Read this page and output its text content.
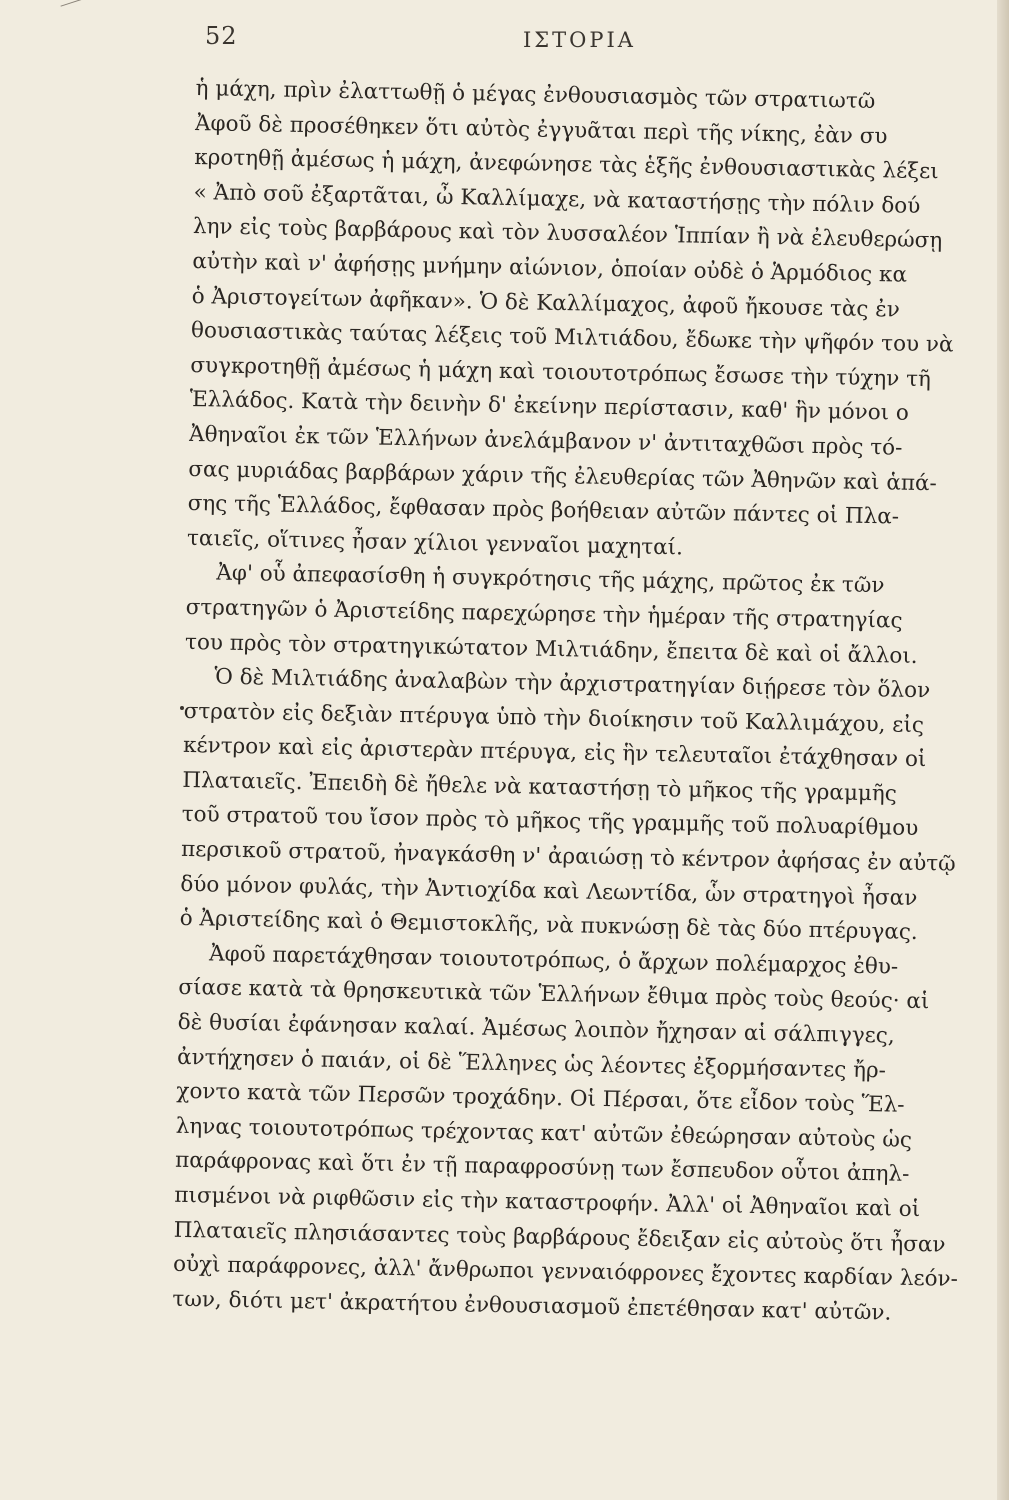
52	ΙΣΤΟΡΙΑ
ἡ μάχη, πρὶν ἐλαττωθῇ ὁ μέγας ἐνθουσιασμὸς τῶν στρατιωτῶ
Ἀφοῦ δὲ προσέθηκεν ὅτι αὐτὸς ἐγγυᾶται περὶ τῆς νίκης, ἐὰν συ
κροτηθῇ ἀμέσως ἡ μάχη, ἀνεφώνησε τὰς ἑξῆς ἐνθουσιαστικὰς λέξει
« Ἀπὸ σοῦ ἐξαρτᾶται, ὦ Καλλίμαχε, νὰ καταστήσῃς τὴν πόλιν δού
λην εἰς τοὺς βαρβάρους καὶ τὸν λυσσαλέον Ἱππίαν ἢ νὰ ἐλευθερώσῃ
αὐτὴν καὶ ν' ἀφήσῃς μνήμην αἰώνιον, ὁποίαν οὐδὲ ὁ Ἁρμόδιος κα
ὁ Ἀριστογείτων ἀφῆκαν». Ὁ δὲ Καλλίμαχος, ἀφοῦ ἤκουσε τὰς ἐν
θουσιαστικὰς ταύτας λέξεις τοῦ Μιλτιάδου, ἔδωκε τὴν ψῆφόν του νὰ
συγκροτηθῇ ἀμέσως ἡ μάχη καὶ τοιουτοτρόπως ἔσωσε τὴν τύχην τῆ
Ἑλλάδος. Κατὰ τὴν δεινὴν δ' ἐκείνην περίστασιν, καθ' ἣν μόνοι ο
Ἀθηναῖοι ἐκ τῶν Ἑλλήνων ἀνελάμβανον ν' ἀντιταχθῶσι πρὸς τό-
σας μυριάδας βαρβάρων χάριν τῆς ἐλευθερίας τῶν Ἀθηνῶν καὶ ἁπά-
σης τῆς Ἑλλάδος, ἔφθασαν πρὸς βοήθειαν αὐτῶν πάντες οἱ Πλα-
ταιεῖς, οἵτινες ἦσαν χίλιοι γενναῖοι μαχηταί.
Ἀφ' οὗ ἀπεφασίσθη ἡ συγκρότησις τῆς μάχης, πρῶτος ἐκ τῶν
στρατηγῶν ὁ Ἀριστείδης παρεχώρησε τὴν ἡμέραν τῆς στρατηγίας
του πρὸς τὸν στρατηγικώτατον Μιλτιάδην, ἔπειτα δὲ καὶ οἱ ἄλλοι.
Ὁ δὲ Μιλτιάδης ἀναλαβὼν τὴν ἀρχιστρατηγίαν διῄρεσε τὸν ὅλον
στρατὸν εἰς δεξιὰν πτέρυγα ὑπὸ τὴν διοίκησιν τοῦ Καλλιμάχου, εἰς
κέντρον καὶ εἰς ἀριστερὰν πτέρυγα, εἰς ἣν τελευταῖοι ἐτάχθησαν οἱ
Πλαταιεῖς. Ἐπειδὴ δὲ ἤθελε νὰ καταστήσῃ τὸ μῆκος τῆς γραμμῆς
τοῦ στρατοῦ του ἴσον πρὸς τὸ μῆκος τῆς γραμμῆς τοῦ πολυαρίθμου
περσικοῦ στρατοῦ, ἠναγκάσθη ν' ἀραιώσῃ τὸ κέντρον ἀφήσας ἐν αὐτῷ
δύο μόνον φυλάς, τὴν Ἀντιοχίδα καὶ Λεωντίδα, ὧν στρατηγοὶ ἦσαν
ὁ Ἀριστείδης καὶ ὁ Θεμιστοκλῆς, νὰ πυκνώσῃ δὲ τὰς δύο πτέρυγας.
Ἀφοῦ παρετάχθησαν τοιουτοτρόπως, ὁ ἄρχων πολέμαρχος ἐθυ-
σίασε κατὰ τὰ θρησκευτικὰ τῶν Ἑλλήνων ἔθιμα πρὸς τοὺς θεούς· αἱ
δὲ θυσίαι ἐφάνησαν καλαί. Ἀμέσως λοιπὸν ἤχησαν αἱ σάλπιγγες,
ἀντήχησεν ὁ παιάν, οἱ δὲ Ἕλληνες ὡς λέοντες ἐξορμήσαντες ἤρ-
χοντο κατὰ τῶν Περσῶν τροχάδην. Οἱ Πέρσαι, ὅτε εἶδον τοὺς Ἕλ-
ληνας τοιουτοτρόπως τρέχοντας κατ' αὐτῶν ἐθεώρησαν αὐτοὺς ὡς
παράφρονας καὶ ὅτι ἐν τῇ παραφροσύνῃ των ἔσπευδον οὗτοι ἀπηλ-
πισμένοι νὰ ριφθῶσιν εἰς τὴν καταστροφήν. Ἀλλ' οἱ Ἀθηναῖοι καὶ οἱ
Πλαταιεῖς πλησιάσαντες τοὺς βαρβάρους ἔδειξαν εἰς αὐτοὺς ὅτι ἦσαν
οὐχὶ παράφρονες, ἀλλ' ἄνθρωποι γενναιόφρονες ἔχοντες καρδίαν λεόν-
των, διότι μετ' ἀκρατήτου ἐνθουσιασμοῦ ἐπετέθησαν κατ' αὐτῶν.
